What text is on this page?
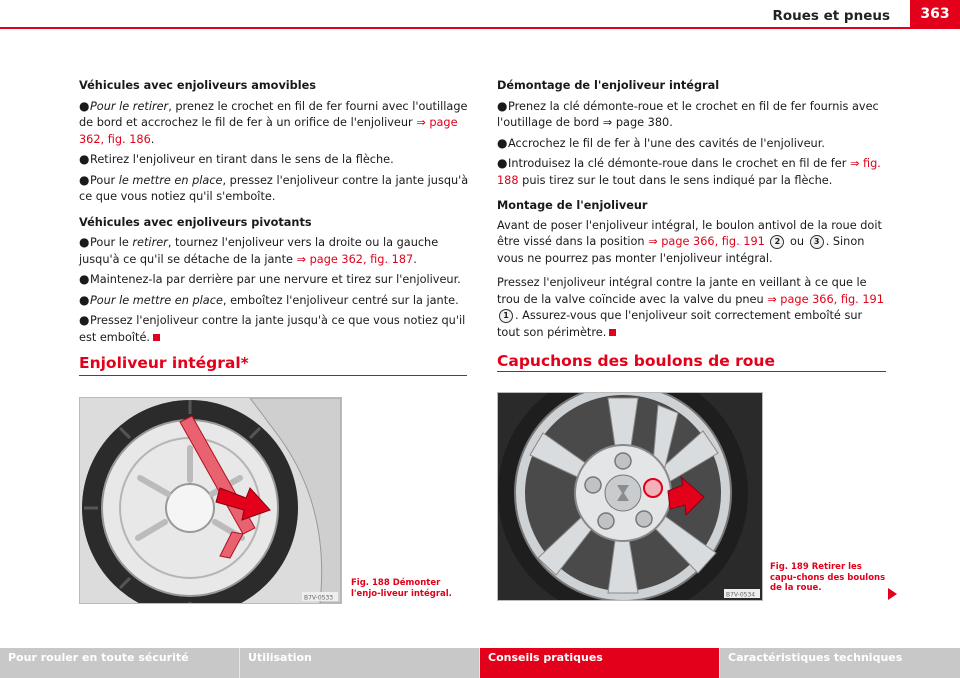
Roues et pneus	363

Véhicules avec enjoliveurs amovibles

●Pour le retirer, prenez le crochet en fil de fer fourni avec l'outillage de bord et accrochez le fil de fer à un orifice de l'enjoliveur ⇒ page 362, fig. 186.

●Retirez l'enjoliveur en tirant dans le sens de la flèche.

●Pour le mettre en place, pressez l'enjoliveur contre la jante jusqu'à ce que vous notiez qu'il s'emboîte.

Véhicules avec enjoliveurs pivotants

●Pour le retirer, tournez l'enjoliveur vers la droite ou la gauche jusqu'à ce qu'il se détache de la jante ⇒ page 362, fig. 187.

●Maintenez-la par derrière par une nervure et tirez sur l'enjoliveur.

●Pour le mettre en place, emboîtez l'enjoliveur centré sur la jante.

●Pressez l'enjoliveur contre la jante jusqu'à ce que vous notiez qu'il est emboîté.

Démontage de l'enjoliveur intégral

●Prenez la clé démonte-roue et le crochet en fil de fer fournis avec l'outillage de bord ⇒ page 380.

●Accrochez le fil de fer à l'une des cavités de l'enjoliveur.

●Introduisez la clé démonte-roue dans le crochet en fil de fer ⇒ fig. 188 puis tirez sur le tout dans le sens indiqué par la flèche.

Montage de l'enjoliveur

Avant de poser l'enjoliveur intégral, le boulon antivol de la roue doit être vissé dans la position ⇒ page 366, fig. 191 2 ou 3 . Sinon vous ne pourrez pas monter l'enjoliveur intégral.

Pressez l'enjoliveur intégral contre la jante en veillant à ce que le trou de la valve coïncide avec la valve du pneu ⇒ page 366, fig. 191 1 . Assurez-vous que l'enjoliveur soit correctement emboîté sur tout son périmètre.

Enjoliveur intégral*	Capuchons des boulons de roue
B7V-0533
Fig. 188 Démonter l'enjo-liveur intégral.	B7V-0534
Fig. 189 Retirer les capu-chons des boulons de la roue.
Pour rouler en toute sécurité	Utilisation	Conseils pratiques	Caractéristiques techniques
